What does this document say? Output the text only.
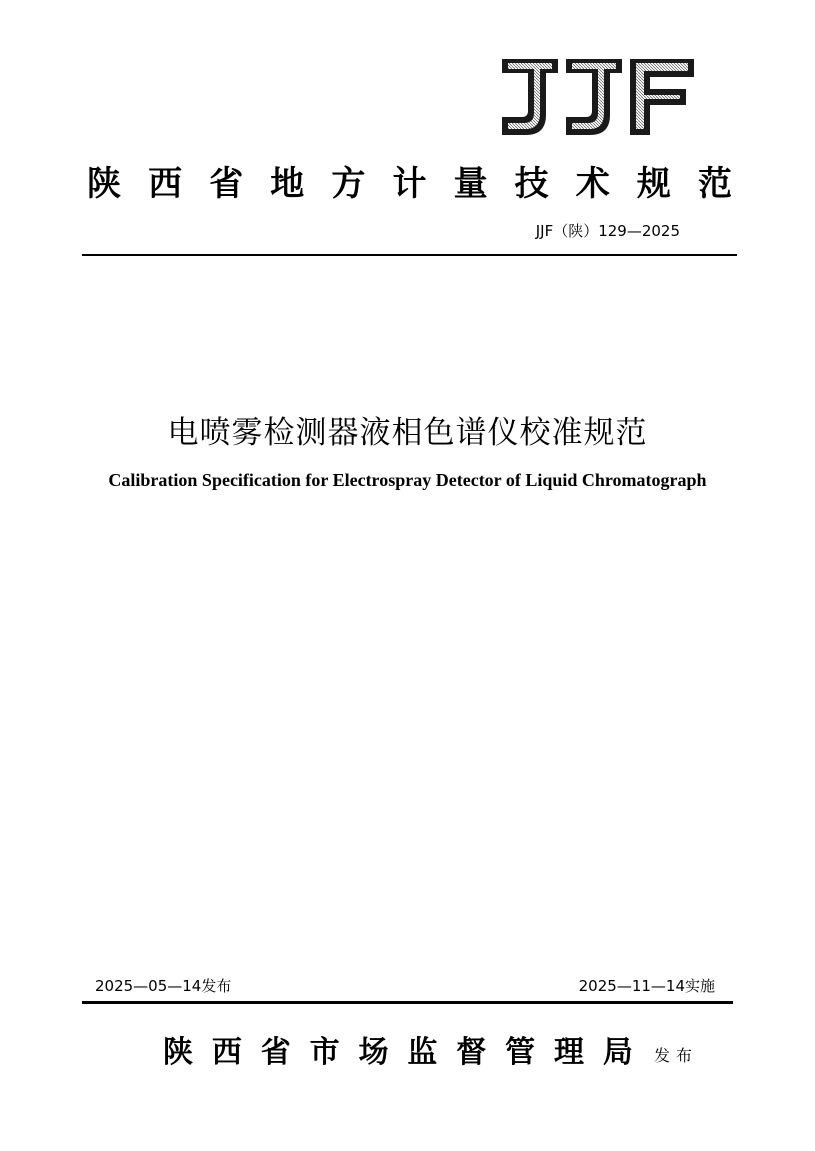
陕 西 省 地 方 计 量 技 术 规 范
JJF（陕）129—2025
电喷雾检测器液相色谱仪校准规范
Calibration Specification for Electrospray Detector of Liquid Chromatograph
2025—05—14发布	2025—11—14实施
陕 西 省 市 场 监 督 管 理 局	发布
